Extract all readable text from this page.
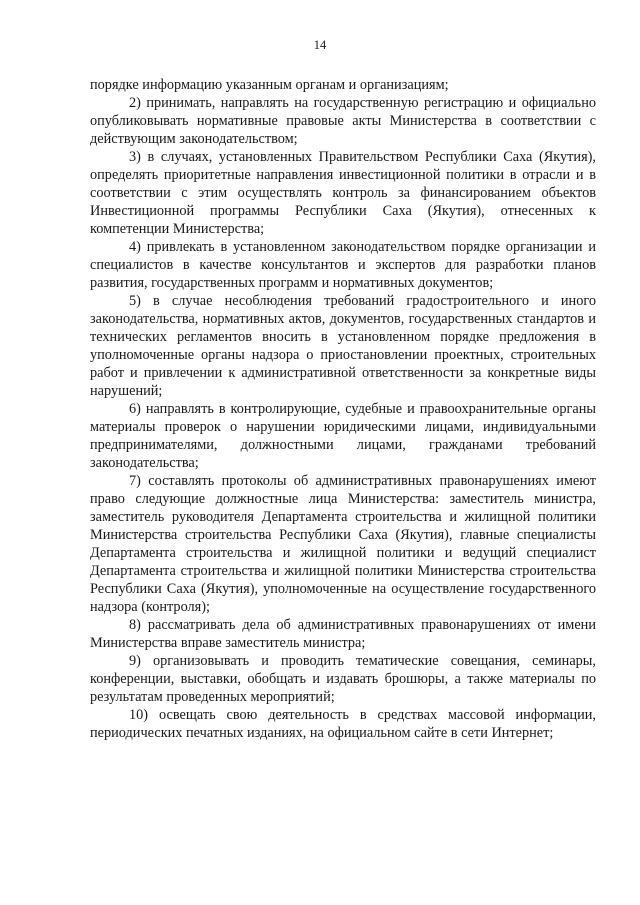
14

порядке информацию указанным органам и организациям;

2) принимать, направлять на государственную регистрацию и официально опубликовывать нормативные правовые акты Министерства в соответствии с действующим законодательством;

3) в случаях, установленных Правительством Республики Саха (Якутия), определять приоритетные направления инвестиционной политики в отрасли и в соответствии с этим осуществлять контроль за финансированием объектов Инвестиционной программы Республики Саха (Якутия), отнесенных к компетенции Министерства;

4) привлекать в установленном законодательством порядке организации и специалистов в качестве консультантов и экспертов для разработки планов развития, государственных программ и нормативных документов;

5) в случае несоблюдения требований градостроительного и иного законодательства, нормативных актов, документов, государственных стандартов и технических регламентов вносить в установленном порядке предложения в уполномоченные органы надзора о приостановлении проектных, строительных работ и привлечении к административной ответственности за конкретные виды нарушений;

6) направлять в контролирующие, судебные и правоохранительные органы материалы проверок о нарушении юридическими лицами, индивидуальными предпринимателями, должностными лицами, гражданами требований законодательства;

7) составлять протоколы об административных правонарушениях имеют право следующие должностные лица Министерства: заместитель министра, заместитель руководителя Департамента строительства и жилищной политики Министерства строительства Республики Саха (Якутия), главные специалисты Департамента строительства и жилищной политики и ведущий специалист Департамента строительства и жилищной политики Министерства строительства Республики Саха (Якутия), уполномоченные на осуществление государственного надзора (контроля);

8) рассматривать дела об административных правонарушениях от имени Министерства вправе заместитель министра;

9) организовывать и проводить тематические совещания, семинары, конференции, выставки, обобщать и издавать брошюры, а также материалы по результатам проведенных мероприятий;

10) освещать свою деятельность в средствах массовой информации, периодических печатных изданиях, на официальном сайте в сети Интернет;
